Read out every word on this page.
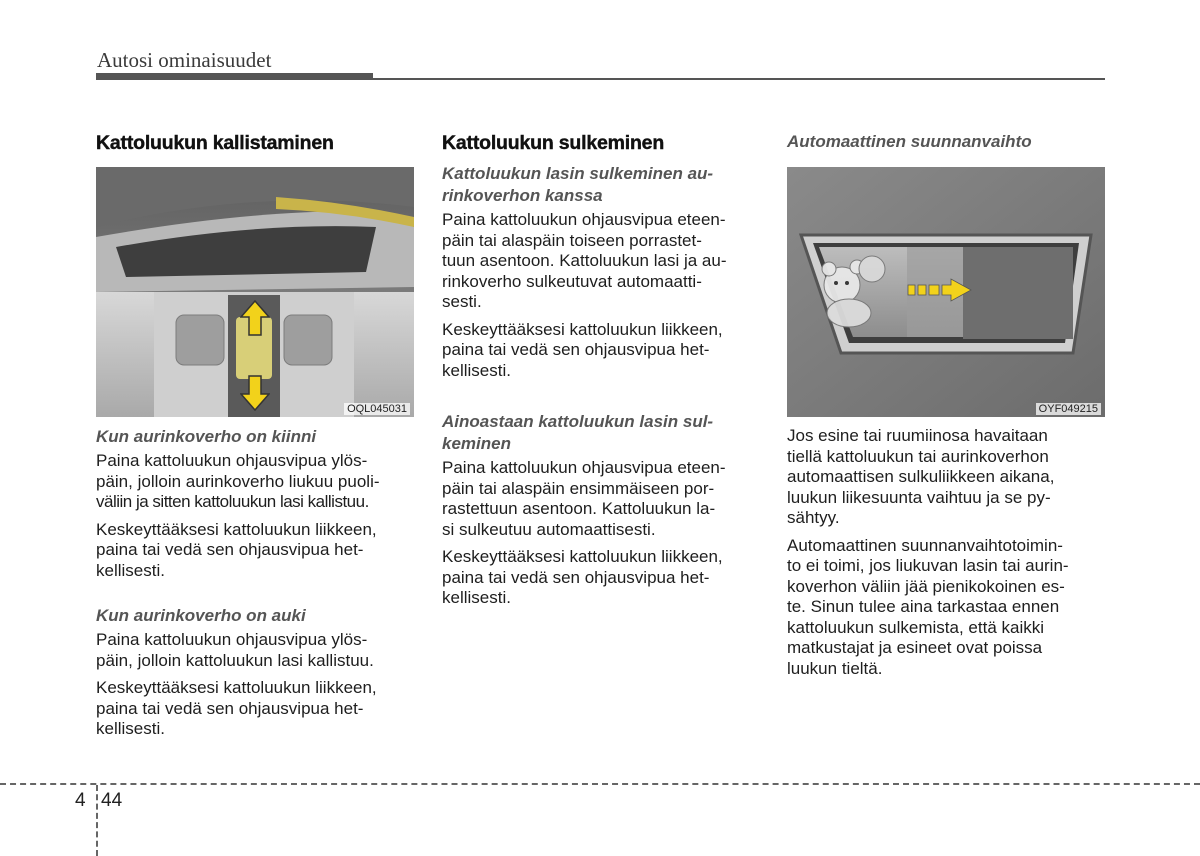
Autosi ominaisuudet
Kattoluukun kallistaminen
OQL045031
Kun aurinkoverho on kiinni

Paina kattoluukun ohjausvipua ylös-
päin, jolloin aurinkoverho liukuu puoli-
väliin ja sitten kattoluukun lasi kallistuu.

Keskeyttääksesi kattoluukun liikkeen,
paina tai vedä sen ohjausvipua het-
kellisesti.

Kun aurinkoverho on auki

Paina kattoluukun ohjausvipua ylös-
päin, jolloin kattoluukun lasi kallistuu.

Keskeyttääksesi kattoluukun liikkeen,
paina tai vedä sen ohjausvipua het-
kellisesti.

Kattoluukun sulkeminen
Kattoluukun lasin sulkeminen au-
rinkoverhon kanssa

Paina kattoluukun ohjausvipua eteen-
päin tai alaspäin toiseen porrastet-
tuun asentoon. Kattoluukun lasi ja au-
rinkoverho sulkeutuvat automaatti-
sesti.

Keskeyttääksesi kattoluukun liikkeen,
paina tai vedä sen ohjausvipua het-
kellisesti.

Ainoastaan kattoluukun lasin sul-
keminen

Paina kattoluukun ohjausvipua eteen-
päin tai alaspäin ensimmäiseen por-
rastettuun asentoon. Kattoluukun la-
si sulkeutuu automaattisesti.

Keskeyttääksesi kattoluukun liikkeen,
paina tai vedä sen ohjausvipua het-
kellisesti.

Automaattinen suunnanvaihto
OYF049215

Jos esine tai ruumiinosa havaitaan
tiellä kattoluukun tai aurinkoverhon
automaattisen sulkuliikkeen aikana,
luukun liikesuunta vaihtuu ja se py-
sähtyy.

Automaattinen suunnanvaihtotoimin-
to ei toimi, jos liukuvan lasin tai aurin-
koverhon väliin jää pienikokoinen es-
te. Sinun tulee aina tarkastaa ennen
kattoluukun sulkemista, että kaikki
matkustajat ja esineet ovat poissa
luukun tieltä.

4 44
